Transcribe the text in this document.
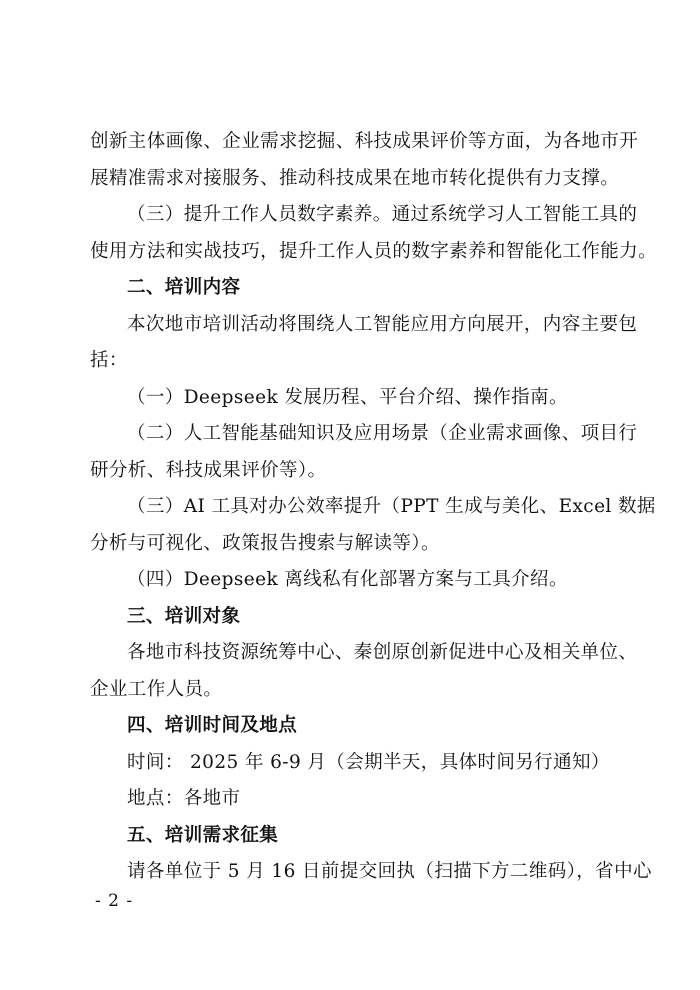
创新主体画像、企业需求挖掘、科技成果评价等方面，为各地市开
展精准需求对接服务、推动科技成果在地市转化提供有力支撑。
（三）提升工作人员数字素养。通过系统学习人工智能工具的
使用方法和实战技巧，提升工作人员的数字素养和智能化工作能力。
二、培训内容
本次地市培训活动将围绕人工智能应用方向展开，内容主要包
括：
（一）Deepseek 发展历程、平台介绍、操作指南。
（二）人工智能基础知识及应用场景（企业需求画像、项目行
研分析、科技成果评价等）。
（三）AI 工具对办公效率提升（PPT 生成与美化、Excel 数据
分析与可视化、政策报告搜索与解读等）。
（四）Deepseek 离线私有化部署方案与工具介绍。
三、培训对象
各地市科技资源统筹中心、秦创原创新促进中心及相关单位、
企业工作人员。
四、培训时间及地点
时间： 2025 年 6-9 月（会期半天，具体时间另行通知）
地点：各地市
五、培训需求征集
请各单位于 5 月 16 日前提交回执（扫描下方二维码），省中心
- 2 -
